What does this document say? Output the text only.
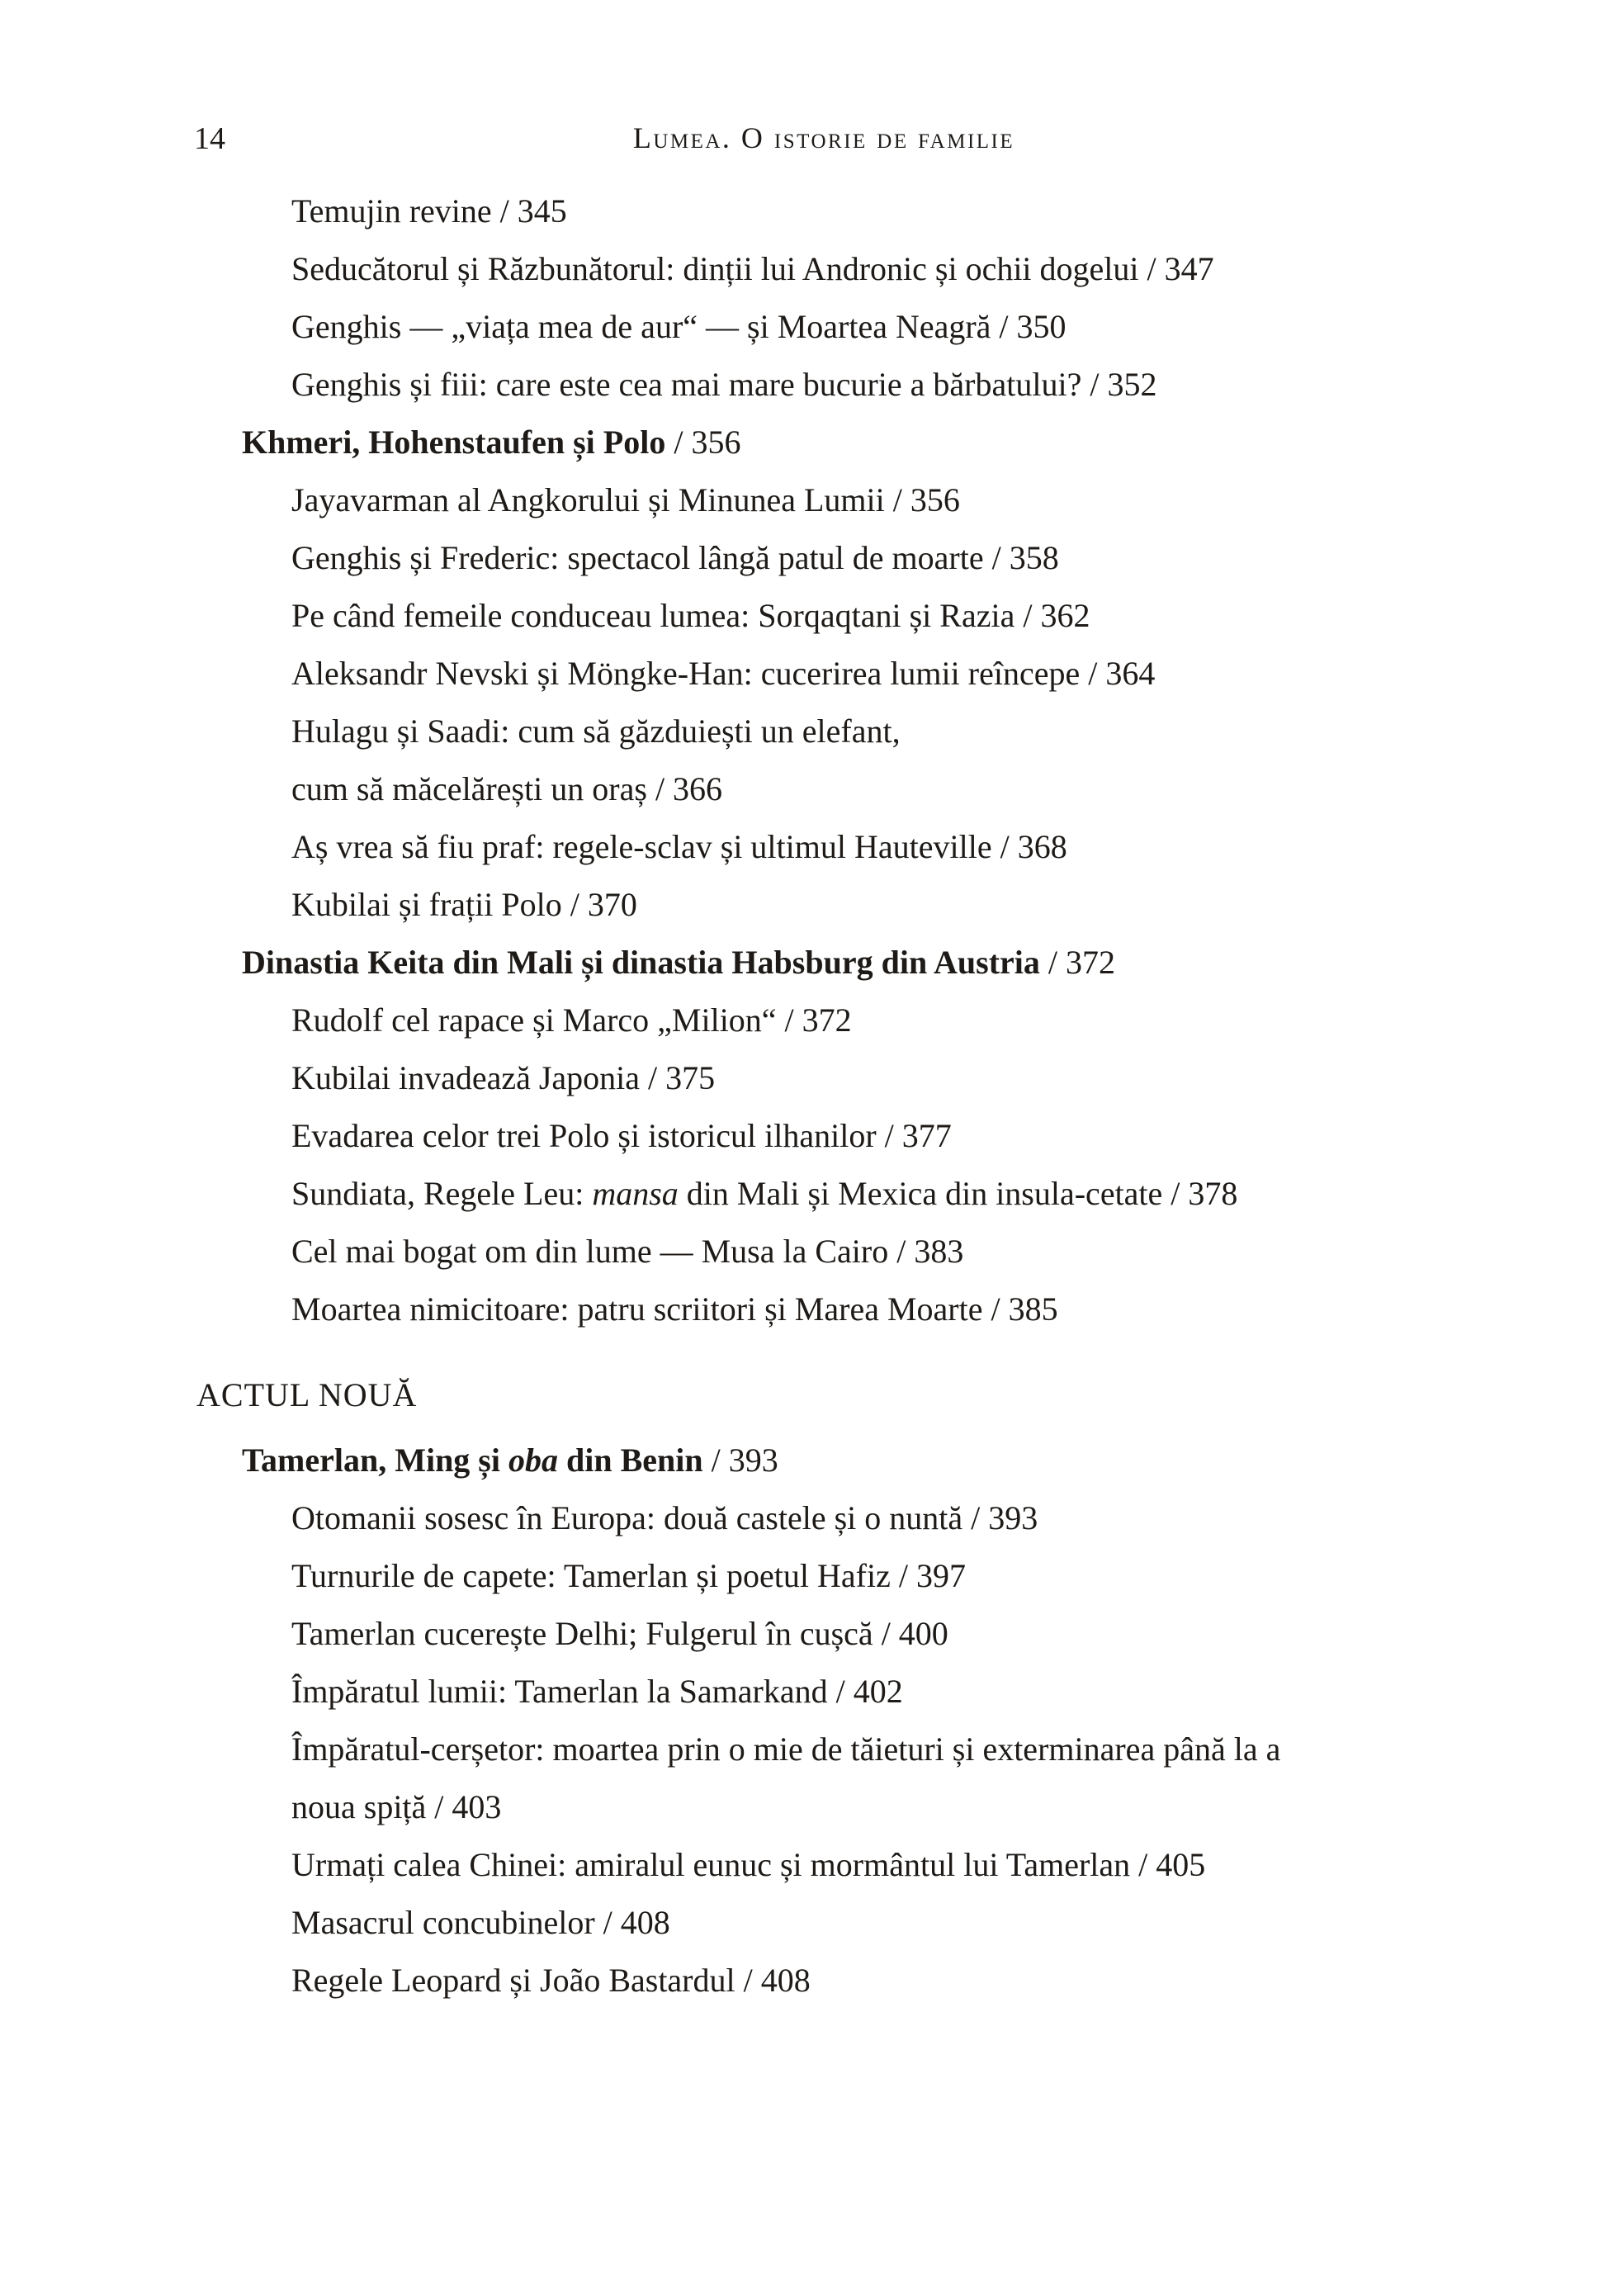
14	Lumea. O istorie de familie
Temujin revine / 345
Seducătorul și Răzbunătorul: dinții lui Andronic și ochii dogelui / 347
Genghis — „viața mea de aur“ — și Moartea Neagră / 350
Genghis și fiii: care este cea mai mare bucurie a bărbatului? / 352
Khmeri, Hohenstaufen și Polo / 356
Jayavarman al Angkorului și Minunea Lumii / 356
Genghis și Frederic: spectacol lângă patul de moarte / 358
Pe când femeile conduceau lumea: Sorqaqtani și Razia / 362
Aleksandr Nevski și Möngke-Han: cucerirea lumii reîncepe / 364
Hulagu și Saadi: cum să găzduiești un elefant,
cum să măcelărești un oraș / 366
Aș vrea să fiu praf: regele-sclav și ultimul Hauteville / 368
Kubilai și frații Polo / 370
Dinastia Keita din Mali și dinastia Habsburg din Austria / 372
Rudolf cel rapace și Marco „Milion“ / 372
Kubilai invadează Japonia / 375
Evadarea celor trei Polo și istoricul ilhanilor / 377
Sundiata, Regele Leu: mansa din Mali și Mexica din insula-cetate / 378
Cel mai bogat om din lume — Musa la Cairo / 383
Moartea nimicitoare: patru scriitori și Marea Moarte / 385
ACTUL NOUĂ
Tamerlan, Ming și oba din Benin / 393
Otomanii sosesc în Europa: două castele și o nuntă / 393
Turnurile de capete: Tamerlan și poetul Hafiz / 397
Tamerlan cucerește Delhi; Fulgerul în cușcă / 400
Împăratul lumii: Tamerlan la Samarkand / 402
Împăratul-cerșetor: moartea prin o mie de tăieturi și exterminarea până la a
noua spiță / 403
Urmați calea Chinei: amiralul eunuc și mormântul lui Tamerlan / 405
Masacrul concubinelor / 408
Regele Leopard și João Bastardul / 408
